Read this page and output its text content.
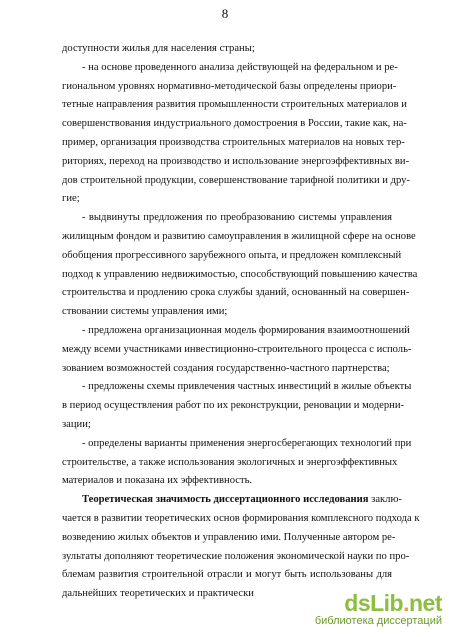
8
доступности жилья для населения страны;
- на основе проведенного анализа действующей на федеральном и ре-
гиональном уровнях нормативно-методической базы определены приори-
тетные направления развития промышленности строительных материалов и
совершенствования индустриального домостроения в России, такие как, на-
пример, организация производства строительных материалов на новых тер-
риториях, переход на производство и использование энергоэффективных ви-
дов строительной продукции, совершенствование тарифной политики и дру-
гие;
- выдвинуты предложения по преобразованию системы управления
жилищным фондом и развитию самоуправления в жилищной сфере на основе
обобщения прогрессивного зарубежного опыта, и предложен комплексный
подход к управлению недвижимостью, способствующий повышению качества
строительства и продлению срока службы зданий, основанный на совершен-
ствовании системы управления ими;
- предложена организационная модель формирования взаимоотношений
между всеми участниками инвестиционно-строительного процесса с исполь-
зованием возможностей создания государственно-частного партнерства;
- предложены схемы привлечения частных инвестиций в жилые объекты
в период осуществления работ по их реконструкции, реновации и модерни-
зации;
- определены варианты применения энергосберегающих технологий при
строительстве, а также использования экологичных и энергоэффективных
материалов и показана их эффективность.
Теоретическая значимость диссертационного исследования заклю-
чается в развитии теоретических основ формирования комплексного подхода к
возведению жилых объектов и управлению ими. Полученные автором ре-
зультаты дополняют теоретические положения экономической науки по про-
блемам развития строительной отрасли и могут быть использованы для
дальнейших теоретических и практически	dsLib.net
библиотека диссертаций
